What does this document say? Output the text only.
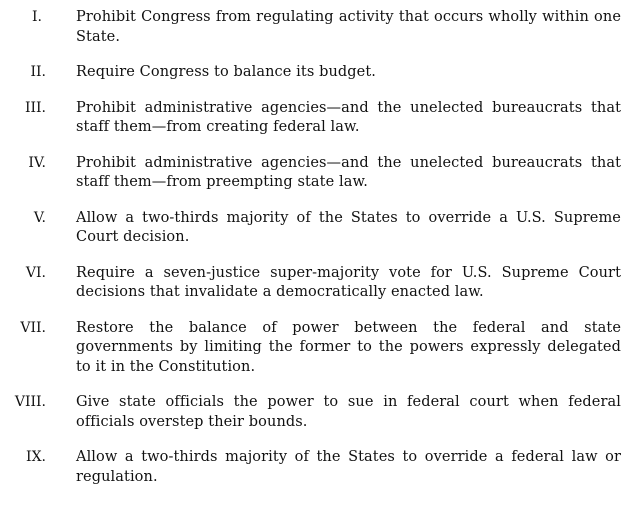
I. Prohibit Congress from regulating activity that occurs wholly within one State.
II. Require Congress to balance its budget.
III. Prohibit administrative agencies—and the unelected bureaucrats that staff them—from creating federal law.
IV. Prohibit administrative agencies—and the unelected bureaucrats that staff them—from preempting state law.
V. Allow a two-thirds majority of the States to override a U.S. Supreme Court decision.
VI. Require a seven-justice super-majority vote for U.S. Supreme Court decisions that invalidate a democratically enacted law.
VII. Restore the balance of power between the federal and state governments by limiting the former to the powers expressly delegated to it in the Constitution.
VIII. Give state officials the power to sue in federal court when federal officials overstep their bounds.
IX. Allow a two-thirds majority of the States to override a federal law or regulation.
